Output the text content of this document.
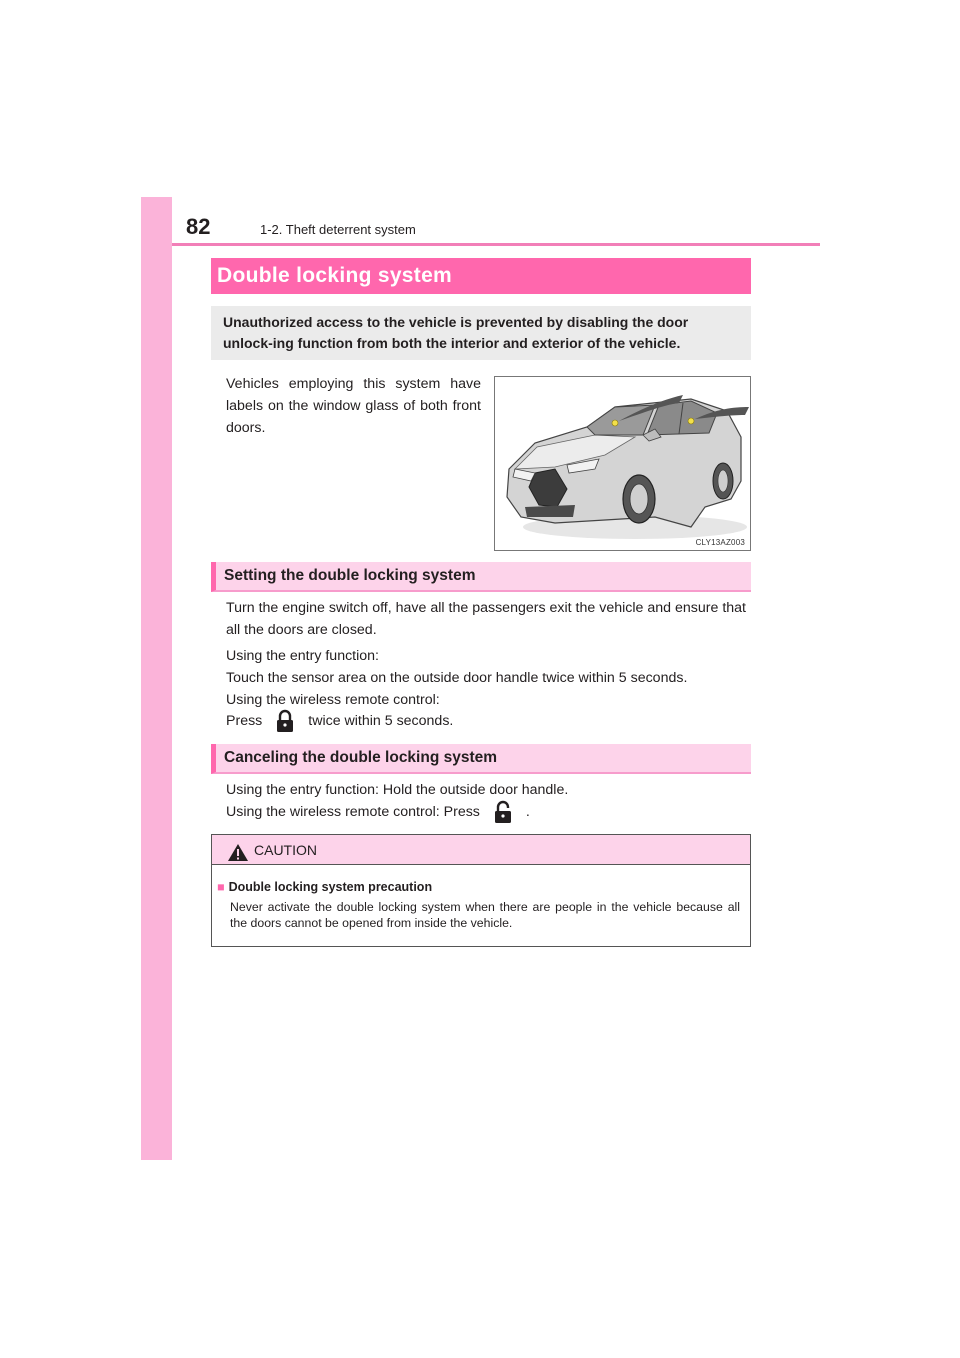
82	1-2. Theft deterrent system
Double locking system
Unauthorized access to the vehicle is prevented by disabling the door unlock-ing function from both the interior and exterior of the vehicle.
Vehicles employing this system have labels on the window glass of both front doors.
CLY13AZ003
Setting the double locking system
Turn the engine switch off, have all the passengers exit the vehicle and ensure that all the doors are closed.
Using the entry function:
Touch the sensor area on the outside door handle twice within 5 seconds.
Using the wireless remote control:
Press	twice within 5 seconds.
Canceling the double locking system
Using the entry function: Hold the outside door handle.
Using the wireless remote control: Press	.
CAUTION
■ Double locking system precaution
Never activate the double locking system when there are people in the vehicle because all the doors cannot be opened from inside the vehicle.
